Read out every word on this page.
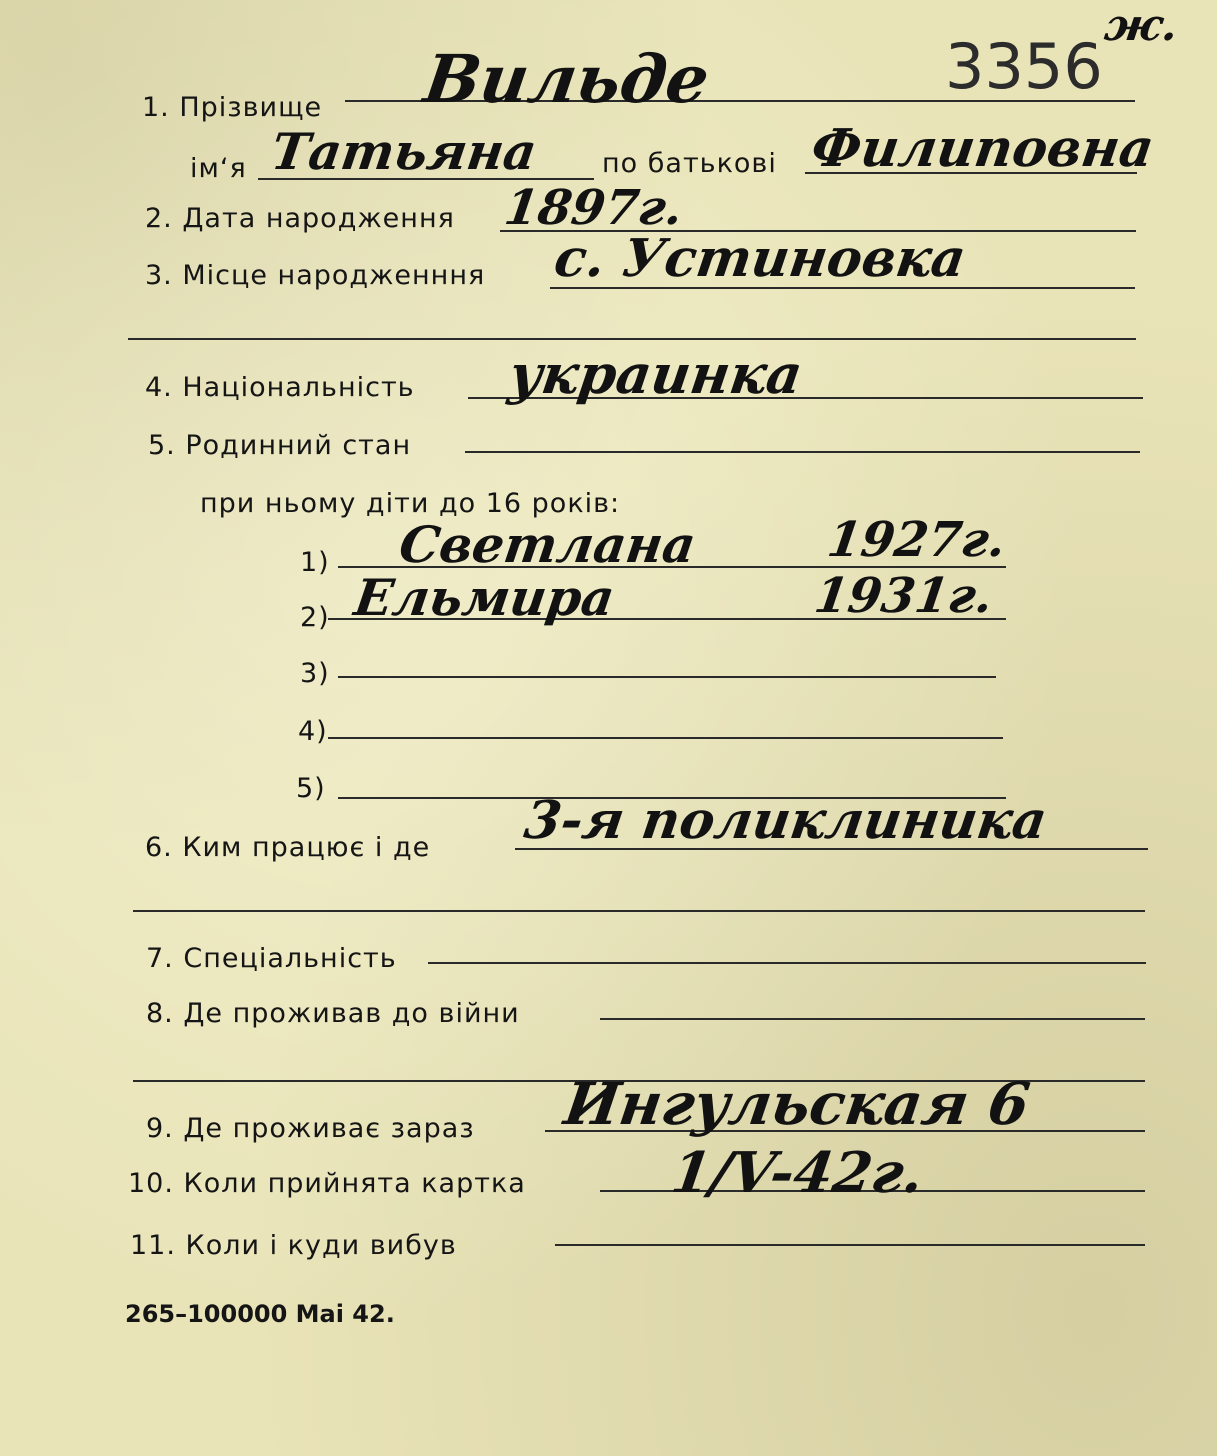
3356
ж.
1. Прізвище Вильде
ім‘я Татьяна по батькові Филиповна
2. Дата народження 1897г.
3. Місце народженння с. Устиновка
4. Національність украинка
5. Родинний стан
при ньому діти до 16 років:
1) Светлана	1927г.
2) Ельмира	1931г.
3)
4)
5)
6. Ким працює і де 3-я поликлиника
7. Спеціальність
8. Де проживав до війни
9. Де проживає зараз Ингульская 6
10. Коли прийнята картка	1/V-42г.
11. Коли і куди вибув
265–100000 Mai 42.
